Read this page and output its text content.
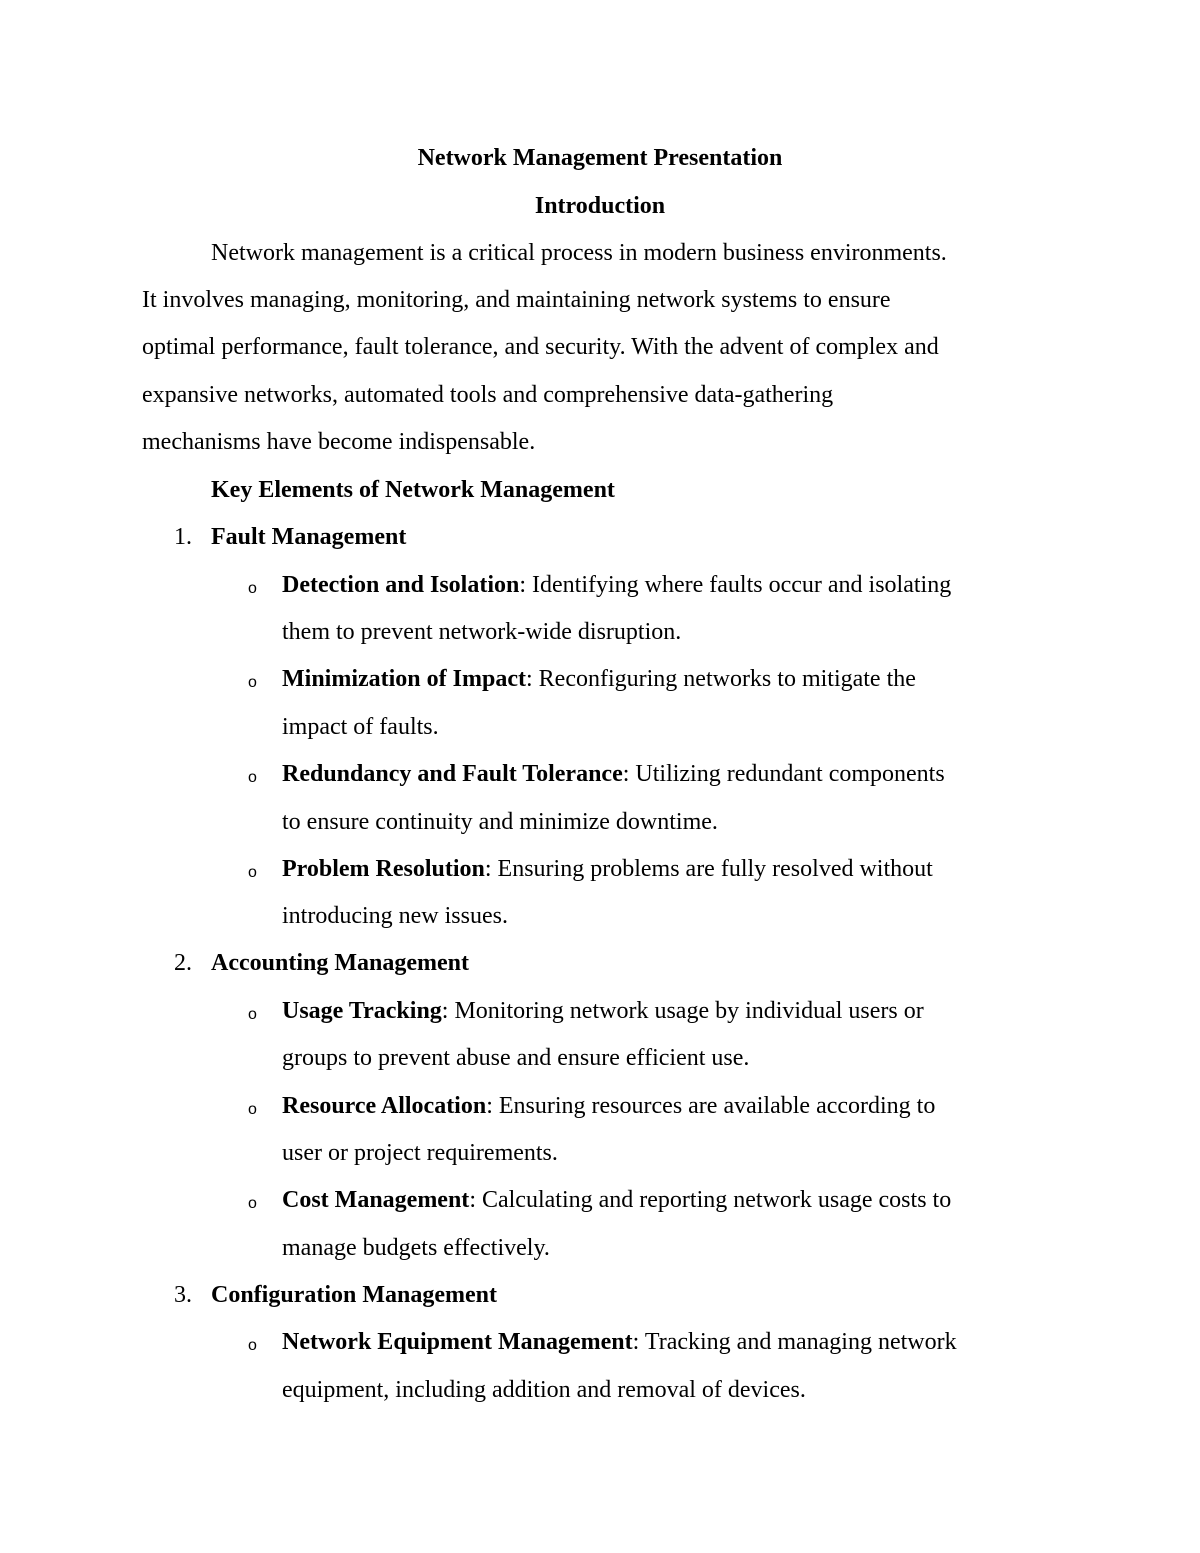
Network Management Presentation
Introduction
Network management is a critical process in modern business environments.
It involves managing, monitoring, and maintaining network systems to ensure
optimal performance, fault tolerance, and security. With the advent of complex and
expansive networks, automated tools and comprehensive data-gathering
mechanisms have become indispensable.
Key Elements of Network Management
1. Fault Management
o Detection and Isolation: Identifying where faults occur and isolating
them to prevent network-wide disruption.
o Minimization of Impact: Reconfiguring networks to mitigate the
impact of faults.
o Redundancy and Fault Tolerance: Utilizing redundant components
to ensure continuity and minimize downtime.
o Problem Resolution: Ensuring problems are fully resolved without
introducing new issues.
2. Accounting Management
o Usage Tracking: Monitoring network usage by individual users or
groups to prevent abuse and ensure efficient use.
o Resource Allocation: Ensuring resources are available according to
user or project requirements.
o Cost Management: Calculating and reporting network usage costs to
manage budgets effectively.
3. Configuration Management
o Network Equipment Management: Tracking and managing network
equipment, including addition and removal of devices.
